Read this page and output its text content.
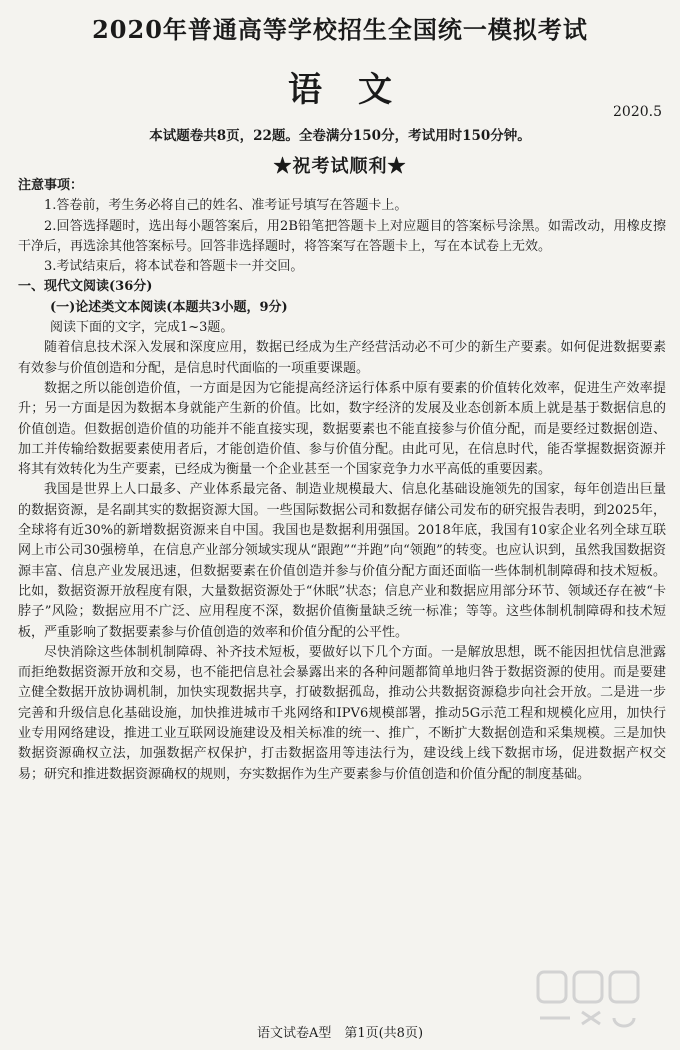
2020年普通高等学校招生全国统一模拟考试
语文
2020.5
本试题卷共8页，22题。全卷满分150分，考试用时150分钟。
★祝考试顺利★

注意事项：

1.答卷前，考生务必将自己的姓名、准考证号填写在答题卡上。

2.回答选择题时，选出每小题答案后，用2B铅笔把答题卡上对应题目的答案标号涂黑。如需改动，用橡皮擦干净后，再选涂其他答案标号。回答非选择题时，将答案写在答题卡上，写在本试卷上无效。

3.考试结束后，将本试卷和答题卡一并交回。

一、现代文阅读(36分)

(一)论述类文本阅读(本题共3小题，9分)

阅读下面的文字，完成1~3题。

随着信息技术深入发展和深度应用，数据已经成为生产经营活动必不可少的新生产要素。如何促进数据要素有效参与价值创造和分配，是信息时代面临的一项重要课题。

数据之所以能创造价值，一方面是因为它能提高经济运行体系中原有要素的价值转化效率，促进生产效率提升；另一方面是因为数据本身就能产生新的价值。比如，数字经济的发展及业态创新本质上就是基于数据信息的价值创造。但数据创造价值的功能并不能直接实现，数据要素也不能直接参与价值分配，而是要经过数据创造、加工并传输给数据要素使用者后，才能创造价值、参与价值分配。由此可见，在信息时代，能否掌握数据资源并将其有效转化为生产要素，已经成为衡量一个企业甚至一个国家竞争力水平高低的重要因素。

我国是世界上人口最多、产业体系最完备、制造业规模最大、信息化基础设施领先的国家，每年创造出巨量的数据资源，是名副其实的数据资源大国。一些国际数据公司和数据存储公司发布的研究报告表明，到2025年，全球将有近30%的新增数据资源来自中国。我国也是数据利用强国。2018年底，我国有10家企业名列全球互联网上市公司30强榜单，在信息产业部分领域实现从“跟跑”“并跑”向“领跑”的转变。也应认识到，虽然我国数据资源丰富、信息产业发展迅速，但数据要素在价值创造并参与价值分配方面还面临一些体制机制障碍和技术短板。比如，数据资源开放程度有限，大量数据资源处于“休眠”状态；信息产业和数据应用部分环节、领域还存在被“卡脖子”风险；数据应用不广泛、应用程度不深，数据价值衡量缺乏统一标准；等等。这些体制机制障碍和技术短板，严重影响了数据要素参与价值创造的效率和价值分配的公平性。

尽快消除这些体制机制障碍、补齐技术短板，要做好以下几个方面。一是解放思想，既不能因担忧信息泄露而拒绝数据资源开放和交易，也不能把信息社会暴露出来的各种问题都简单地归咎于数据资源的使用。而是要建立健全数据开放协调机制，加快实现数据共享，打破数据孤岛，推动公共数据资源稳步向社会开放。二是进一步完善和升级信息化基础设施，加快推进城市千兆网络和IPV6规模部署，推动5G示范工程和规模化应用，加快行业专用网络建设，推进工业互联网设施建设及相关标准的统一、推广，不断扩大数据创造和采集规模。三是加快数据资源确权立法，加强数据产权保护，打击数据盗用等违法行为，建设线上线下数据市场，促进数据产权交易；研究和推进数据资源确权的规则，夯实数据作为生产要素参与价值创造和价值分配的制度基础。

语文试卷A型　第1页(共8页)
